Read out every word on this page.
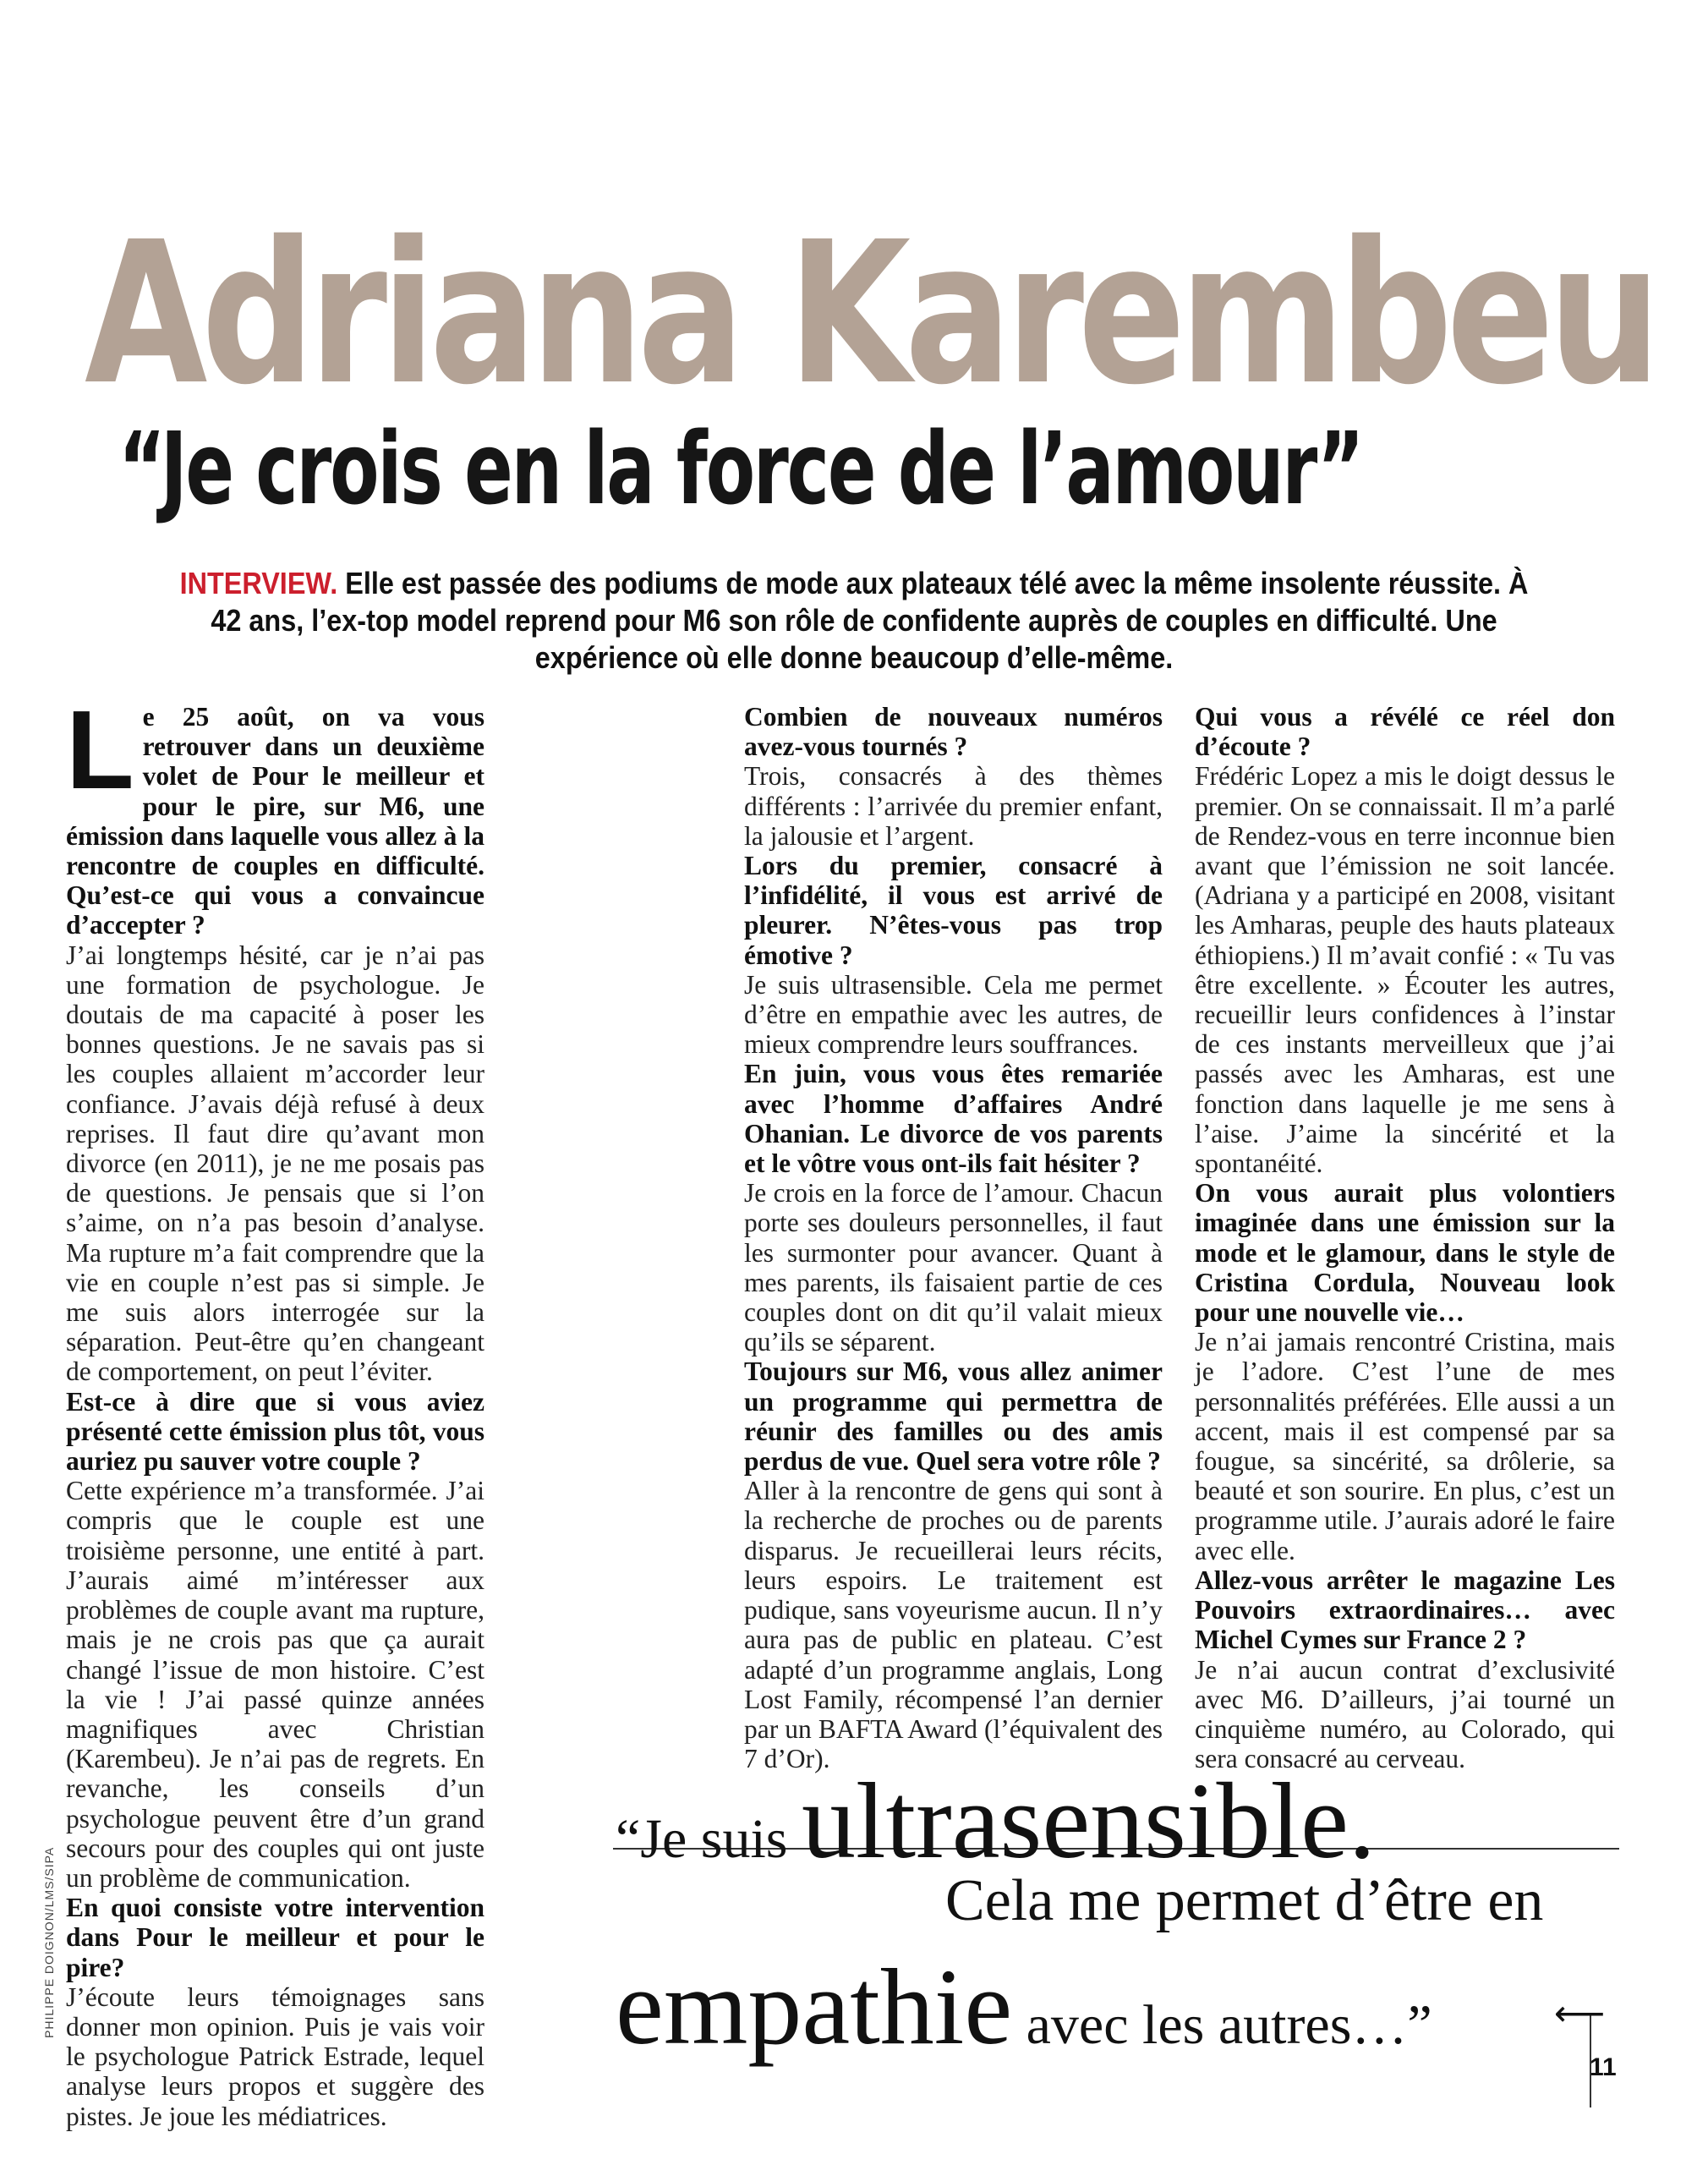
Adriana Karembeu
“Je crois en la force de l’amour”
INTERVIEW. Elle est passée des podiums de mode aux plateaux télé avec la même insolente réussite. À 42 ans, l’ex-top model reprend pour M6 son rôle de confidente auprès de couples en difficulté. Une expérience où elle donne beaucoup d’elle-même.

Le 25 août, on va vous retrouver dans un deuxième volet de Pour le meilleur et pour le pire, sur M6, une émission dans laquelle vous allez à la rencontre de couples en difficulté. Qu’est-ce qui vous a convaincue d’accepter ?

J’ai longtemps hésité, car je n’ai pas une formation de psychologue. Je doutais de ma capacité à poser les bonnes questions. Je ne savais pas si les couples allaient m’accorder leur confiance. J’avais déjà refusé à deux reprises. Il faut dire qu’avant mon divorce (en 2011), je ne me posais pas de questions. Je pensais que si l’on s’aime, on n’a pas besoin d’analyse. Ma rupture m’a fait comprendre que la vie en couple n’est pas si simple. Je me suis alors interrogée sur la séparation. Peut-être qu’en changeant de comportement, on peut l’éviter.

Est-ce à dire que si vous aviez présenté cette émission plus tôt, vous auriez pu sauver votre couple ?

Cette expérience m’a transformée. J’ai compris que le couple est une troisième personne, une entité à part. J’aurais aimé m’intéresser aux problèmes de couple avant ma rupture, mais je ne crois pas que ça aurait changé l’issue de mon histoire. C’est la vie ! J’ai passé quinze années magnifiques avec Christian (Karembeu). Je n’ai pas de regrets. En revanche, les conseils d’un psychologue peuvent être d’un grand secours pour des couples qui ont juste un problème de communication.

En quoi consiste votre intervention dans Pour le meilleur et pour le pire?

J’écoute leurs témoignages sans donner mon opinion. Puis je vais voir le psychologue Patrick Estrade, lequel analyse leurs propos et suggère des pistes. Je joue les médiatrices.

Combien de nouveaux numéros avez-vous tournés ?

Trois, consacrés à des thèmes différents : l’arrivée du premier enfant, la jalousie et l’argent.

Lors du premier, consacré à l’infidélité, il vous est arrivé de pleurer. N’êtes-vous pas trop émotive ?

Je suis ultrasensible. Cela me permet d’être en empathie avec les autres, de mieux comprendre leurs souffrances.

En juin, vous vous êtes remariée avec l’homme d’affaires André Ohanian. Le divorce de vos parents et le vôtre vous ont-ils fait hésiter ?

Je crois en la force de l’amour. Chacun porte ses douleurs personnelles, il faut les surmonter pour avancer. Quant à mes parents, ils faisaient partie de ces couples dont on dit qu’il valait mieux qu’ils se séparent.

Toujours sur M6, vous allez animer un programme qui permettra de réunir des familles ou des amis perdus de vue. Quel sera votre rôle ?

Aller à la rencontre de gens qui sont à la recherche de proches ou de parents disparus. Je recueillerai leurs récits, leurs espoirs. Le traitement est pudique, sans voyeurisme aucun. Il n’y aura pas de public en plateau. C’est adapté d’un programme anglais, Long Lost Family, récompensé l’an dernier par un BAFTA Award (l’équivalent des 7 d’Or).

Qui vous a révélé ce réel don d’écoute ?

Frédéric Lopez a mis le doigt dessus le premier. On se connaissait. Il m’a parlé de Rendez-vous en terre inconnue bien avant que l’émission ne soit lancée. (Adriana y a participé en 2008, visitant les Amharas, peuple des hauts plateaux éthiopiens.) Il m’avait confié : « Tu vas être excellente. » Écouter les autres, recueillir leurs confidences à l’instar de ces instants merveilleux que j’ai passés avec les Amharas, est une fonction dans laquelle je me sens à l’aise. J’aime la sincérité et la spontanéité.

On vous aurait plus volontiers imaginée dans une émission sur la mode et le glamour, dans le style de Cristina Cordula, Nouveau look pour une nouvelle vie…

Je n’ai jamais rencontré Cristina, mais je l’adore. C’est l’une de mes personnalités préférées. Elle aussi a un accent, mais il est compensé par sa fougue, sa sincérité, sa drôlerie, sa beauté et son sourire. En plus, c’est un programme utile. J’aurais adoré le faire avec elle.

Allez-vous arrêter le magazine Les Pouvoirs extraordinaires… avec Michel Cymes sur France 2 ?

Je n’ai aucun contrat d’exclusivité avec M6. D’ailleurs, j’ai tourné un cinquième numéro, au Colorado, qui sera consacré au cerveau.

PHILIPPE DOIGNON/LMS/SIPA
“Je suis ultrasensible.
Cela me permet d’être en
empathie avec les autres…”	⟵
11
